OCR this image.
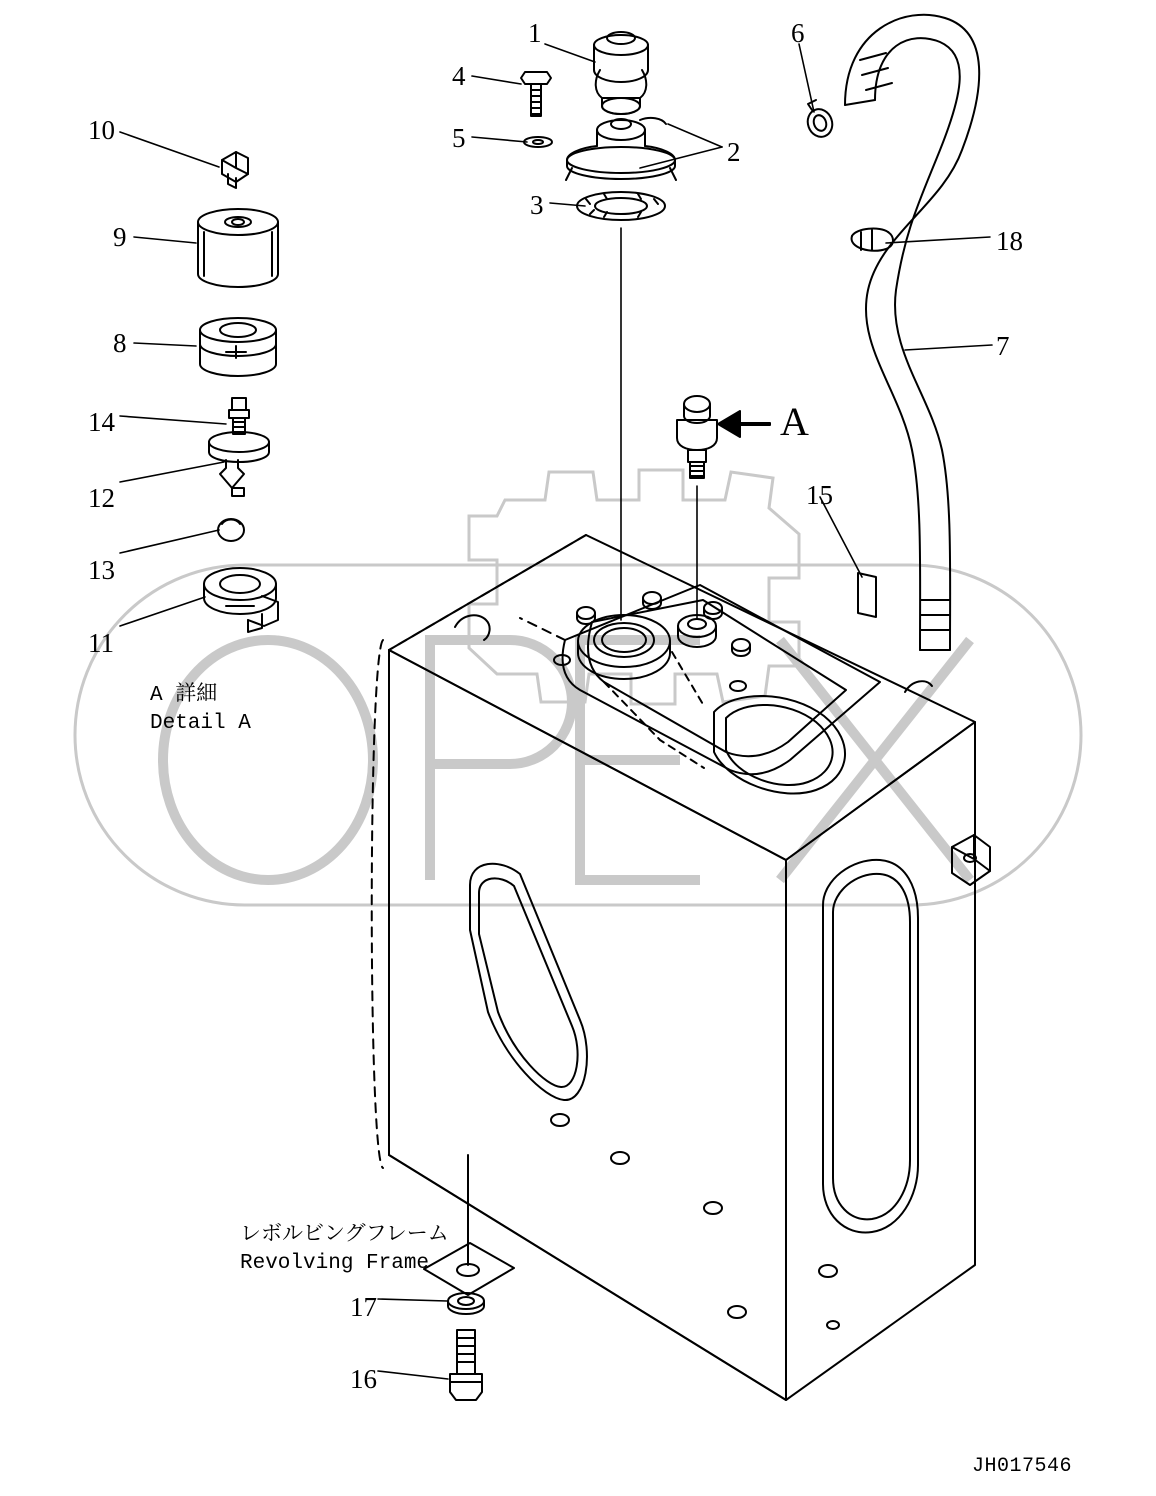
1
2
3
4
5
6
7
8
9
10
11
12
13
14
15
16
17
18
A
A 詳細
Detail A
レボルビングフレーム
Revolving Frame
JH017546
